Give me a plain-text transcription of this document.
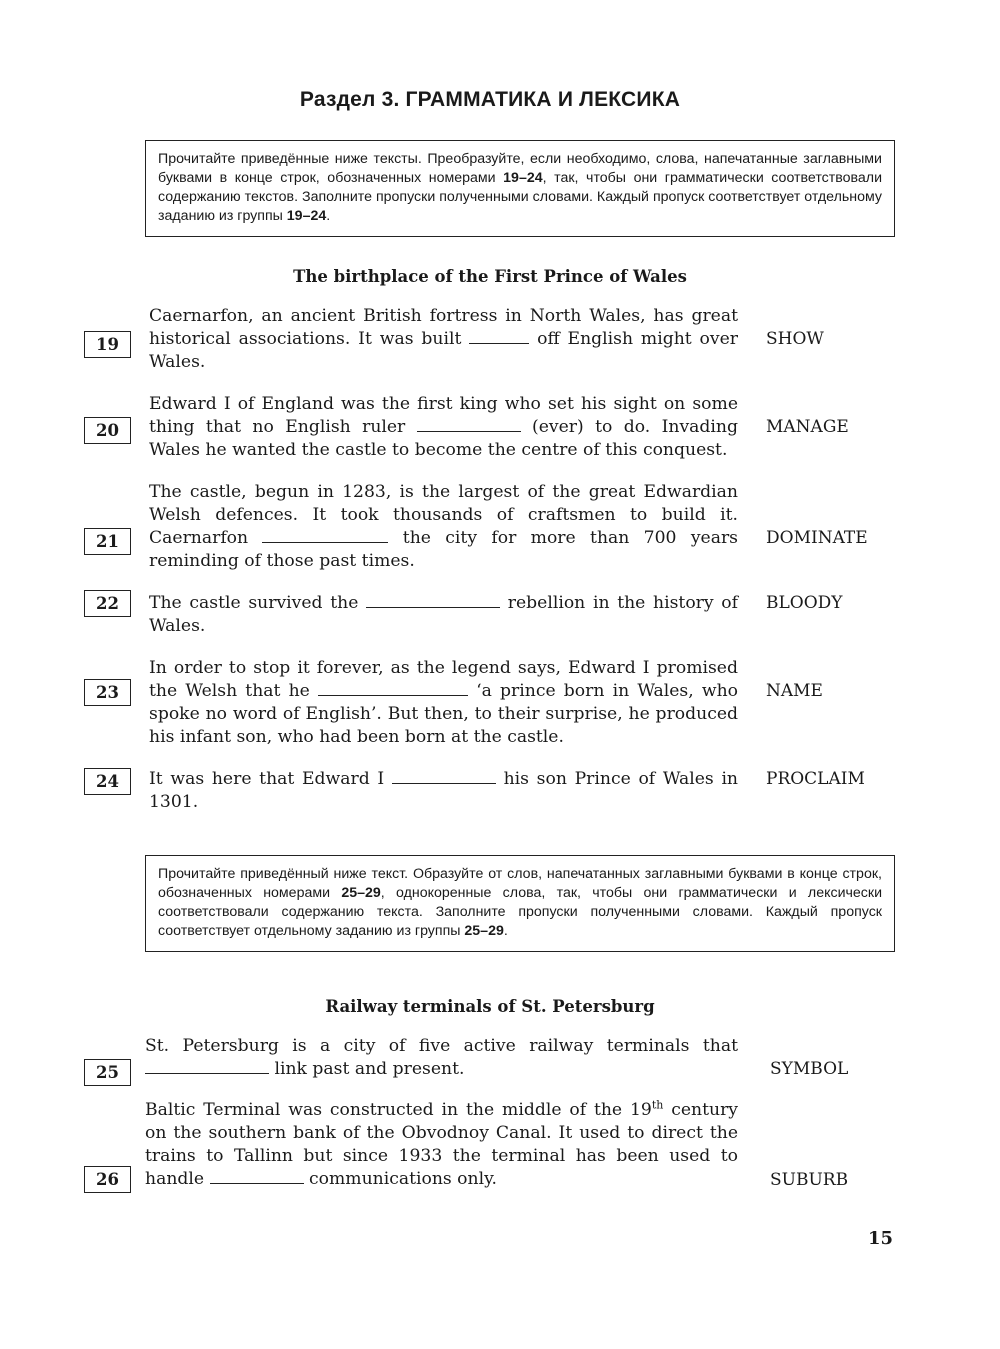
Раздел 3. ГРАММАТИКА И ЛЕКСИКА
Прочитайте приведённые ниже тексты. Преобразуйте, если необходимо, слова, напечатанные заглавными буквами в конце строк, обозначенных номерами 19–24, так, чтобы они грамматически соответствовали содержанию текстов. Заполните пропуски полученными словами. Каждый пропуск соответствует отдельному заданию из группы 19–24.
The birthplace of the First Prince of Wales
19
Caernarfon, an ancient British fortress in North Wales, has great historical associations. It was built	off English might over Wales.
SHOW
20
Edward I of England was the first king who set his sight on some thing that no English ruler	(ever) to do. Invading Wales he wanted the castle to become the centre of this conquest.
MANAGE
21
The castle, begun in 1283, is the largest of the great Edwardian Welsh defences. It took thousands of craftsmen to build it. Caernarfon	the city for more than 700 years reminding of those past times.
DOMINATE
22	The castle survived the	rebellion in the history of Wales.
BLOODY
23
In order to stop it forever, as the legend says, Edward I promised the Welsh that he	‘a prince born in Wales, who spoke no word of English’. But then, to their surprise, he produced his infant son, who had been born at the castle.
NAME
24	It was here that Edward I	his son Prince of Wales in 1301.
PROCLAIM
Прочитайте приведённый ниже текст. Образуйте от слов, напечатанных заглавными буквами в конце строк, обозначенных номерами 25–29, однокоренные слова, так, чтобы они грамматически и лексически соответствовали содержанию текста. Заполните пропуски полученными словами. Каждый пропуск соответствует отдельному заданию из группы 25–29.
Railway terminals of St. Petersburg
25
St. Petersburg is a city of five active railway terminals that  link past and present.	SYMBOL
26
Baltic Terminal was constructed in the middle of the 19th century on the southern bank of the Obvodnoy Canal. It used to direct the trains to Tallinn but since 1933 the terminal has been used to handle	communications only.	SUBURB
15
